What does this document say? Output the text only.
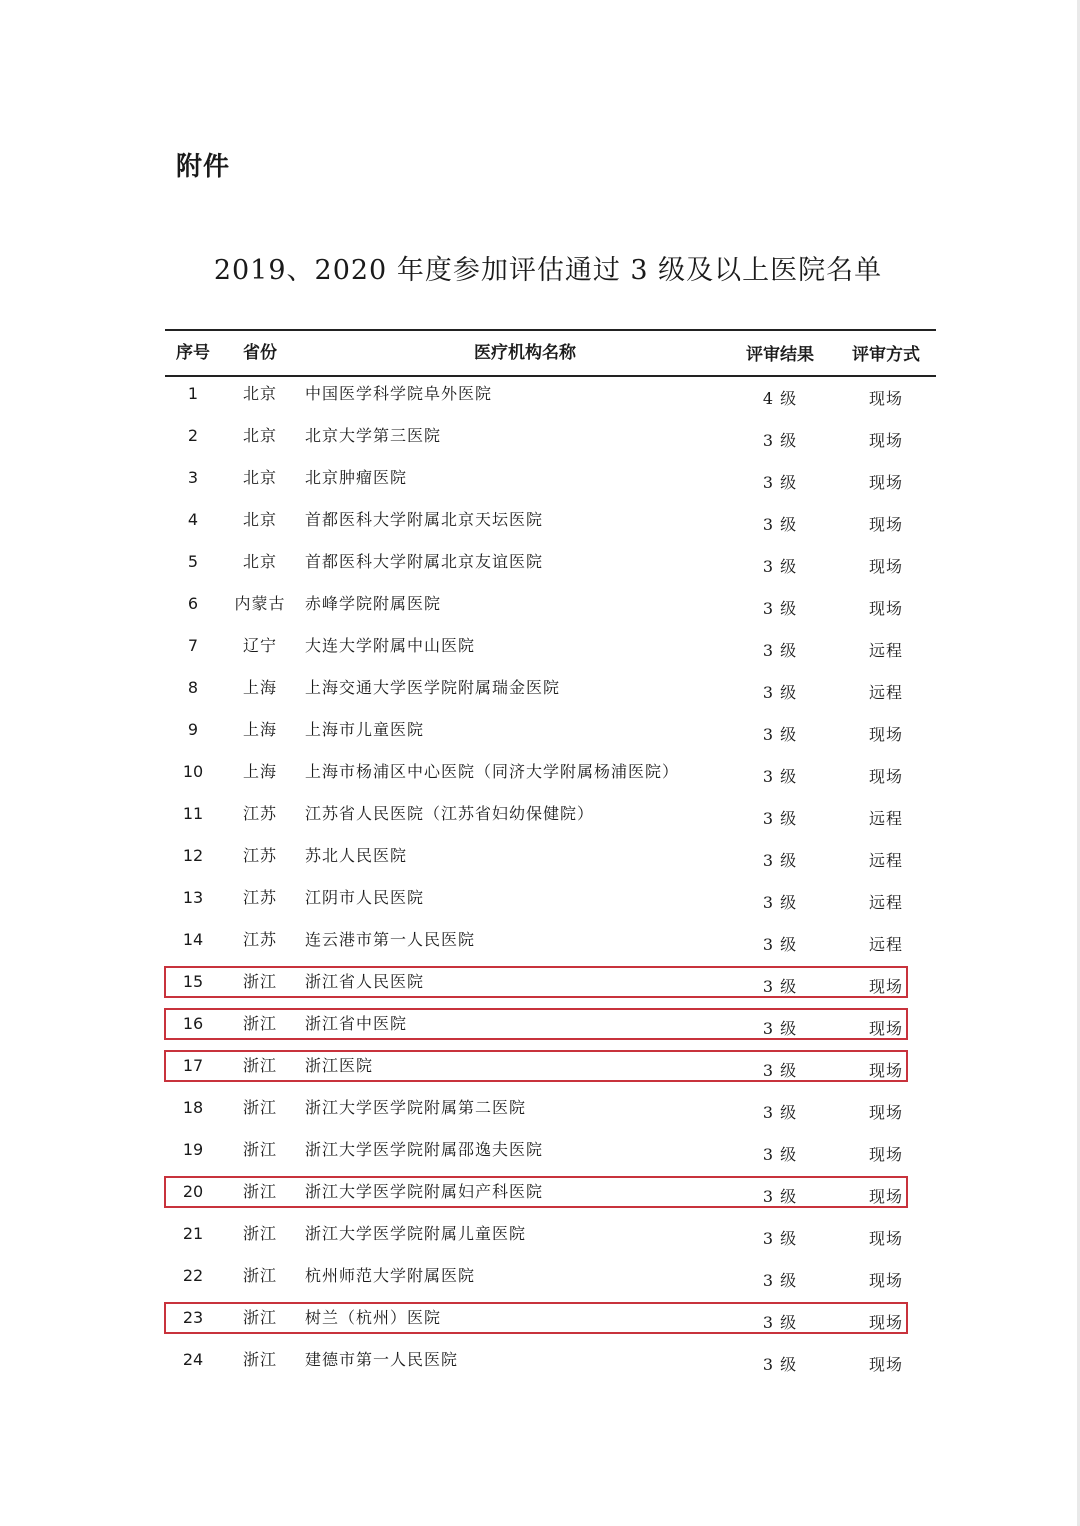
附件
2019、2020 年度参加评估通过 3 级及以上医院名单
序号	省份	医疗机构名称	评审结果	评审方式
1	北京	中国医学科学院阜外医院	4 级	现场
2	北京	北京大学第三医院	3 级	现场
3	北京	北京肿瘤医院	3 级	现场
4	北京	首都医科大学附属北京天坛医院	3 级	现场
5	北京	首都医科大学附属北京友谊医院	3 级	现场
6	内蒙古	赤峰学院附属医院	3 级	现场
7	辽宁	大连大学附属中山医院	3 级	远程
8	上海	上海交通大学医学院附属瑞金医院	3 级	远程
9	上海	上海市儿童医院	3 级	现场
10	上海	上海市杨浦区中心医院（同济大学附属杨浦医院）	3 级	现场
11	江苏	江苏省人民医院（江苏省妇幼保健院）	3 级	远程
12	江苏	苏北人民医院	3 级	远程
13	江苏	江阴市人民医院	3 级	远程
14	江苏	连云港市第一人民医院	3 级	远程
15	浙江	浙江省人民医院	3 级	现场
16	浙江	浙江省中医院	3 级	现场
17	浙江	浙江医院	3 级	现场
18	浙江	浙江大学医学院附属第二医院	3 级	现场
19	浙江	浙江大学医学院附属邵逸夫医院	3 级	现场
20	浙江	浙江大学医学院附属妇产科医院	3 级	现场
21	浙江	浙江大学医学院附属儿童医院	3 级	现场
22	浙江	杭州师范大学附属医院	3 级	现场
23	浙江	树兰（杭州）医院	3 级	现场
24	浙江	建德市第一人民医院	3 级	现场
